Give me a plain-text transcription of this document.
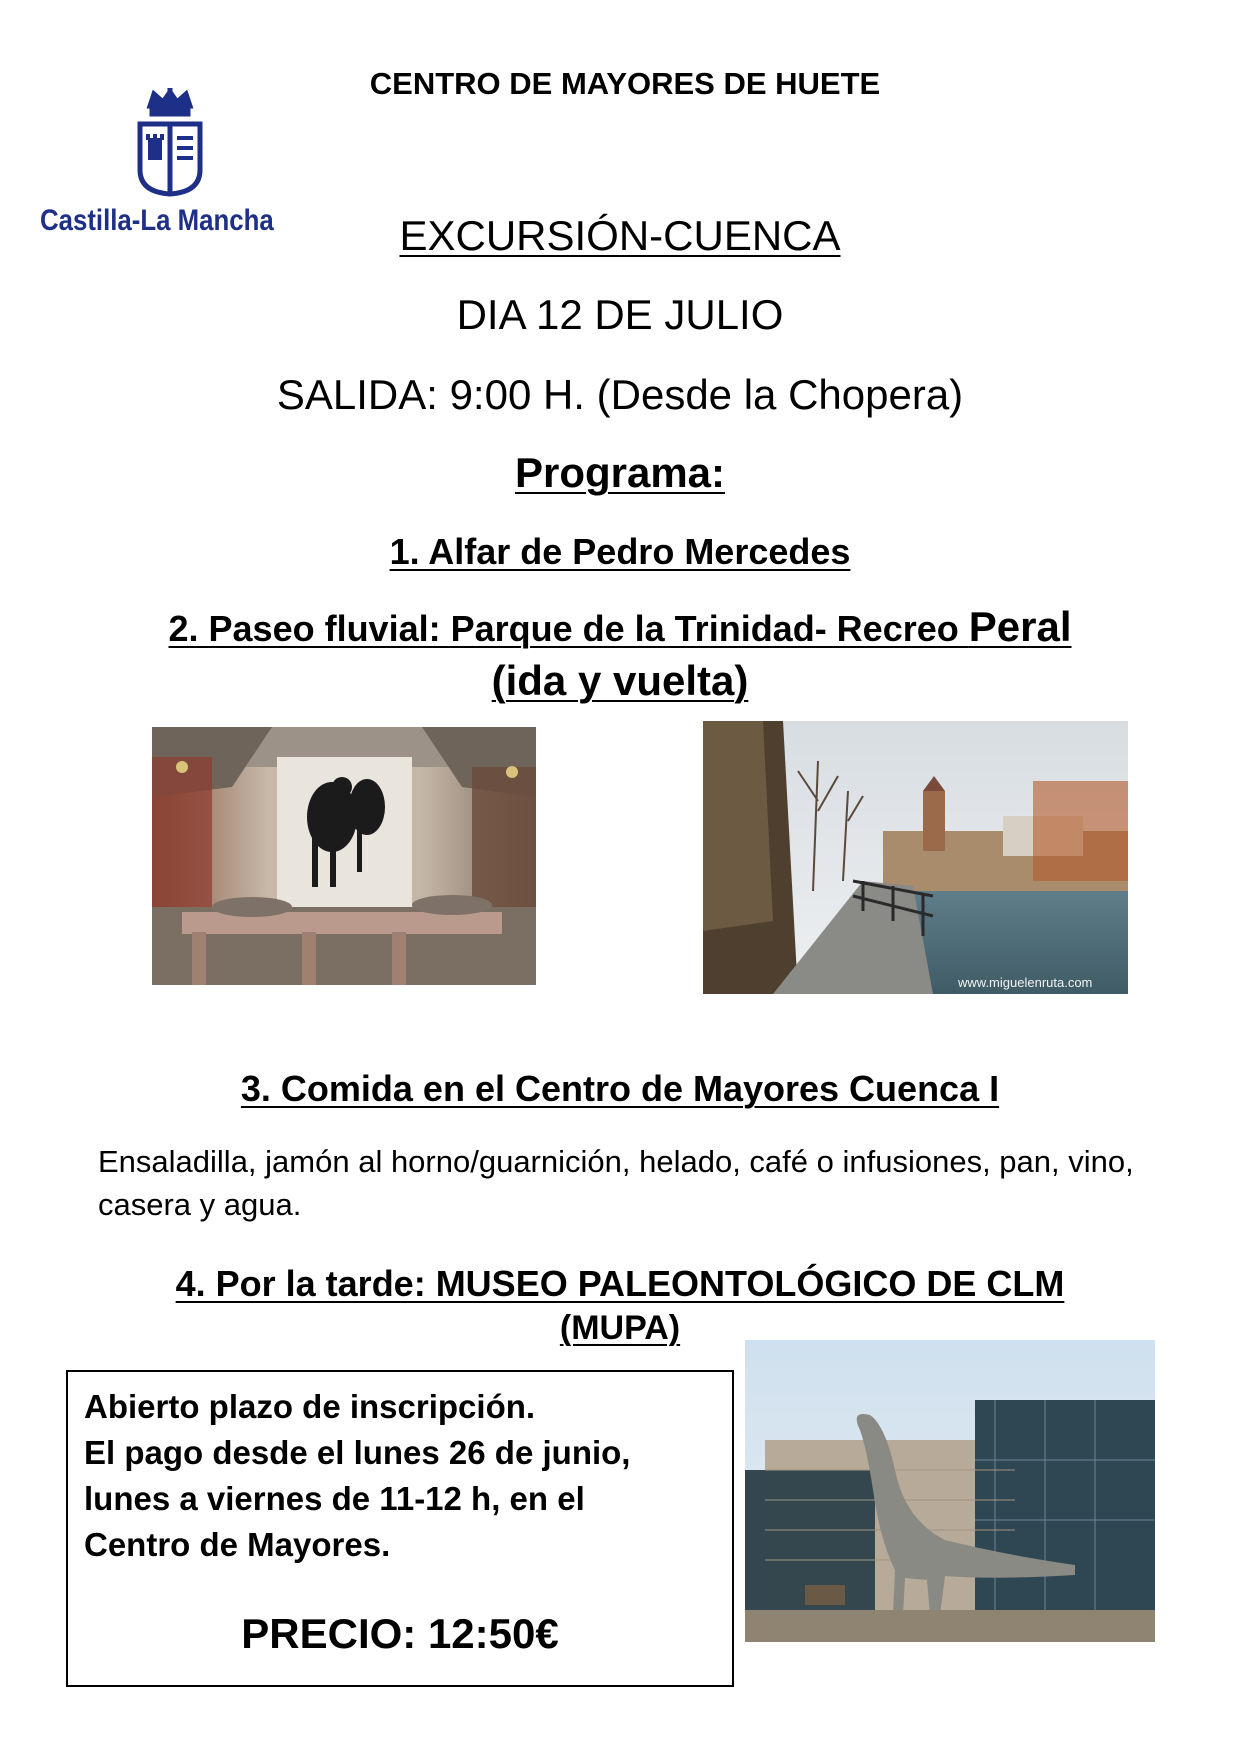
CENTRO DE MAYORES DE HUETE
Castilla-La Mancha	EXCURSIÓN-CUENCA
DIA 12 DE JULIO
SALIDA: 9:00 H. (Desde la Chopera)
Programa:
1. Alfar de Pedro Mercedes
2. Paseo fluvial: Parque de la Trinidad- Recreo Peral
(ida y vuelta)
www.miguelenruta.com
3. Comida en el Centro de Mayores Cuenca I
Ensaladilla, jamón al horno/guarnición, helado, café o infusiones, pan, vino, casera y agua.
4. Por la tarde: MUSEO PALEONTOLÓGICO DE CLM
(MUPA)
Abierto plazo de inscripción.
El pago desde el lunes 26 de junio,
lunes a viernes de 11-12 h, en el
Centro de Mayores.
PRECIO: 12:50€
